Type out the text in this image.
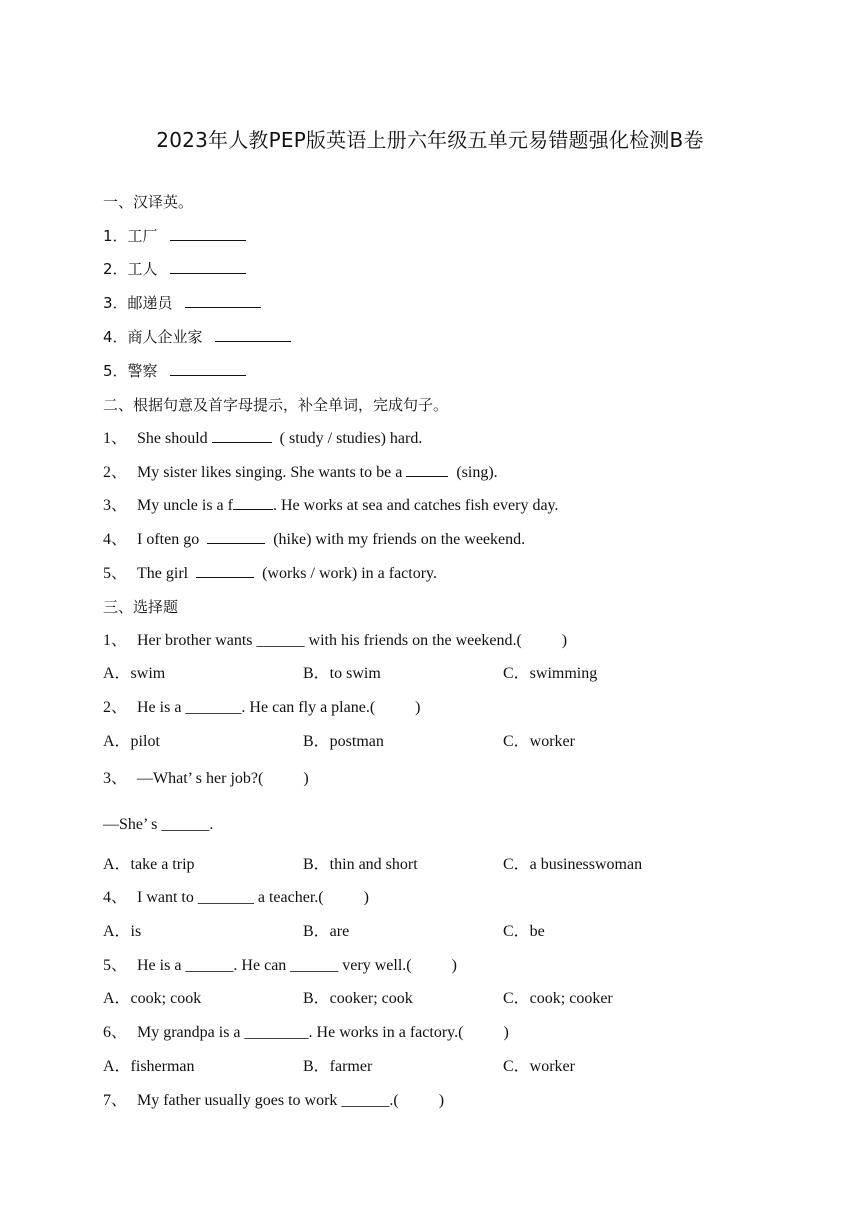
2023年人教PEP版英语上册六年级五单元易错题强化检测B卷
一、汉译英。
1．工厂
2．工人
3．邮递员
4．商人企业家
5．警察
二、根据句意及首字母提示，补全单词，完成句子。
1、 She should	( study / studies) hard.
2、 My sister likes singing. She wants to be a	(sing).
3、 My uncle is a f	. He works at sea and catches fish every day.
4、 I often go	(hike) with my friends on the weekend.
5、 The girl	(works / work) in a factory.
三、选择题
1、 Her brother wants ______ with his friends on the weekend.(          )
A．swim	B．to swim	C．swimming
2、 He is a _______. He can fly a plane.(          )
A．pilot	B．postman	C．worker
3、 —What’ s her job?(          )
—She’ s ______.
A．take a trip	B．thin and short	C．a businesswoman
4、 I want to _______ a teacher.(          )
A．is	B．are	C．be
5、 He is a ______. He can ______ very well.(          )
A．cook; cook	B．cooker; cook	C．cook; cooker
6、 My grandpa is a ________. He works in a factory.(          )
A．fisherman	B．farmer	C．worker
7、 My father usually goes to work ______.(          )
